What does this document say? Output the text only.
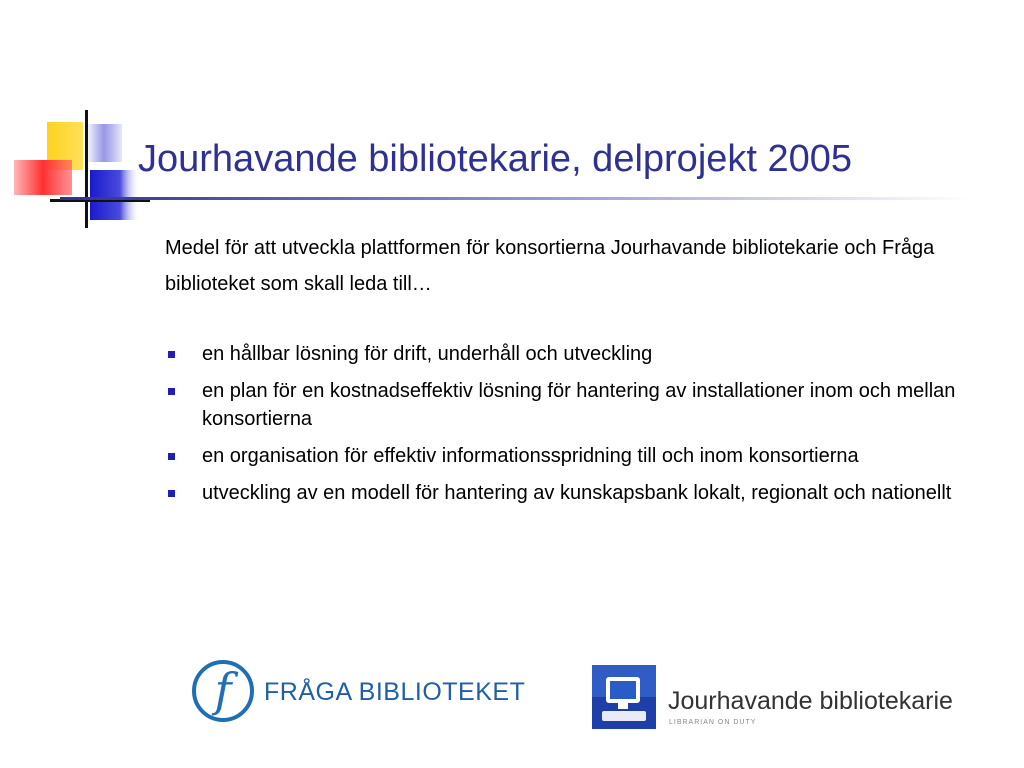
Jourhavande bibliotekarie, delprojekt 2005

Medel för att utveckla plattformen för konsortierna Jourhavande bibliotekarie och Fråga biblioteket som skall leda till…

en hållbar lösning för drift, underhåll och utveckling
en plan för en kostnadseffektiv lösning för hantering av installationer inom och mellan konsortierna
en organisation för effektiv informationsspridning till och inom konsortierna
utveckling av en modell för hantering av kunskapsbank lokalt, regionalt och nationellt
f FRÅGA BIBLIOTEKET	Jourhavande bibliotekarie
LIBRARIAN ON DUTY
